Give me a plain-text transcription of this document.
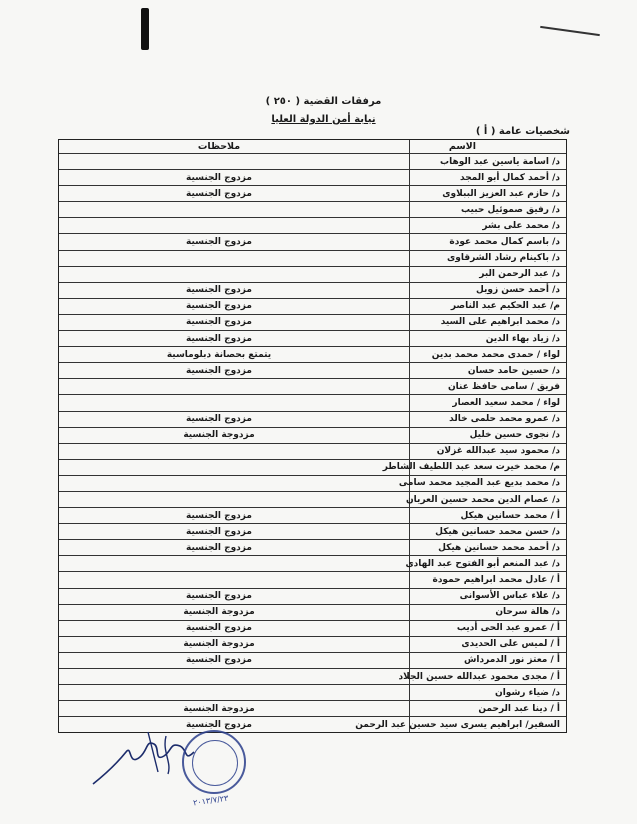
مرفقات القضية ( ٢٥٠ )
نيابة أمن الدولة العليا
شخصيات عامة ( أ )
الاسم
ملاحظات
د/ اسامة ياسين عبد الوهاب
د/ أحمد كمال أبو المجد
مزدوج الجنسية
د/ حازم عبد العزيز الببلاوى
مزدوج الجنسية
د/ رفيق صموئيل حبيب
د/ محمد على بشر
د/ باسم كمال محمد عودة
مزدوج الجنسية
د/ باكينام رشاد الشرقاوى
د/ عبد الرحمن البر
د/ أحمد حسن زويل
مزدوج الجنسية
م/ عبد الحكيم عبد الناصر
مزدوج الجنسية
د/ محمد ابراهيم على السيد
مزدوج الجنسية
د/ زياد بهاء الدين
مزدوج الجنسية
لواء / حمدى محمد محمد بدين
يتمتع بحصانة دبلوماسية
د/ حسين حامد حسان
مزدوج الجنسية
فريق / سامى حافظ عنان
لواء / محمد سعيد العصار
د/ عمرو محمد حلمى خالد
مزدوج الجنسية
د/ نجوى حسين خليل
مزدوجة الجنسية
د/ محمود سيد عبدالله غزلان
م/ محمد خيرت سعد عبد اللطيف الشاطر
د/ محمد بديع عبد المجيد محمد سامى
د/ عصام الدين محمد حسين العريان
أ / محمد حسانين هيكل
مزدوج الجنسية
د/ حسن محمد حسانين هيكل
مزدوج الجنسية
د/ أحمد محمد حسانين هيكل
مزدوج الجنسية
د/ عبد المنعم أبو الفتوح عبد الهادى
أ / عادل محمد ابراهيم حمودة
د/ علاء عباس الأسوانى
مزدوج الجنسية
د/ هالة سرحان
مزدوجة الجنسية
أ / عمرو عبد الحى أديب
مزدوج الجنسية
أ / لميس على الحديدى
مزدوجة الجنسية
أ / معتز نور الدمرداش
مزدوج الجنسية
أ / مجدى محمود عبدالله حسين الجلاد
د/ ضياء رشوان
أ / دينا عبد الرحمن
مزدوجة الجنسية
السفير/ ابراهيم يسرى سيد حسين عبد الرحمن
مزدوج الجنسية
٢٠١٣/٧/٢٣
